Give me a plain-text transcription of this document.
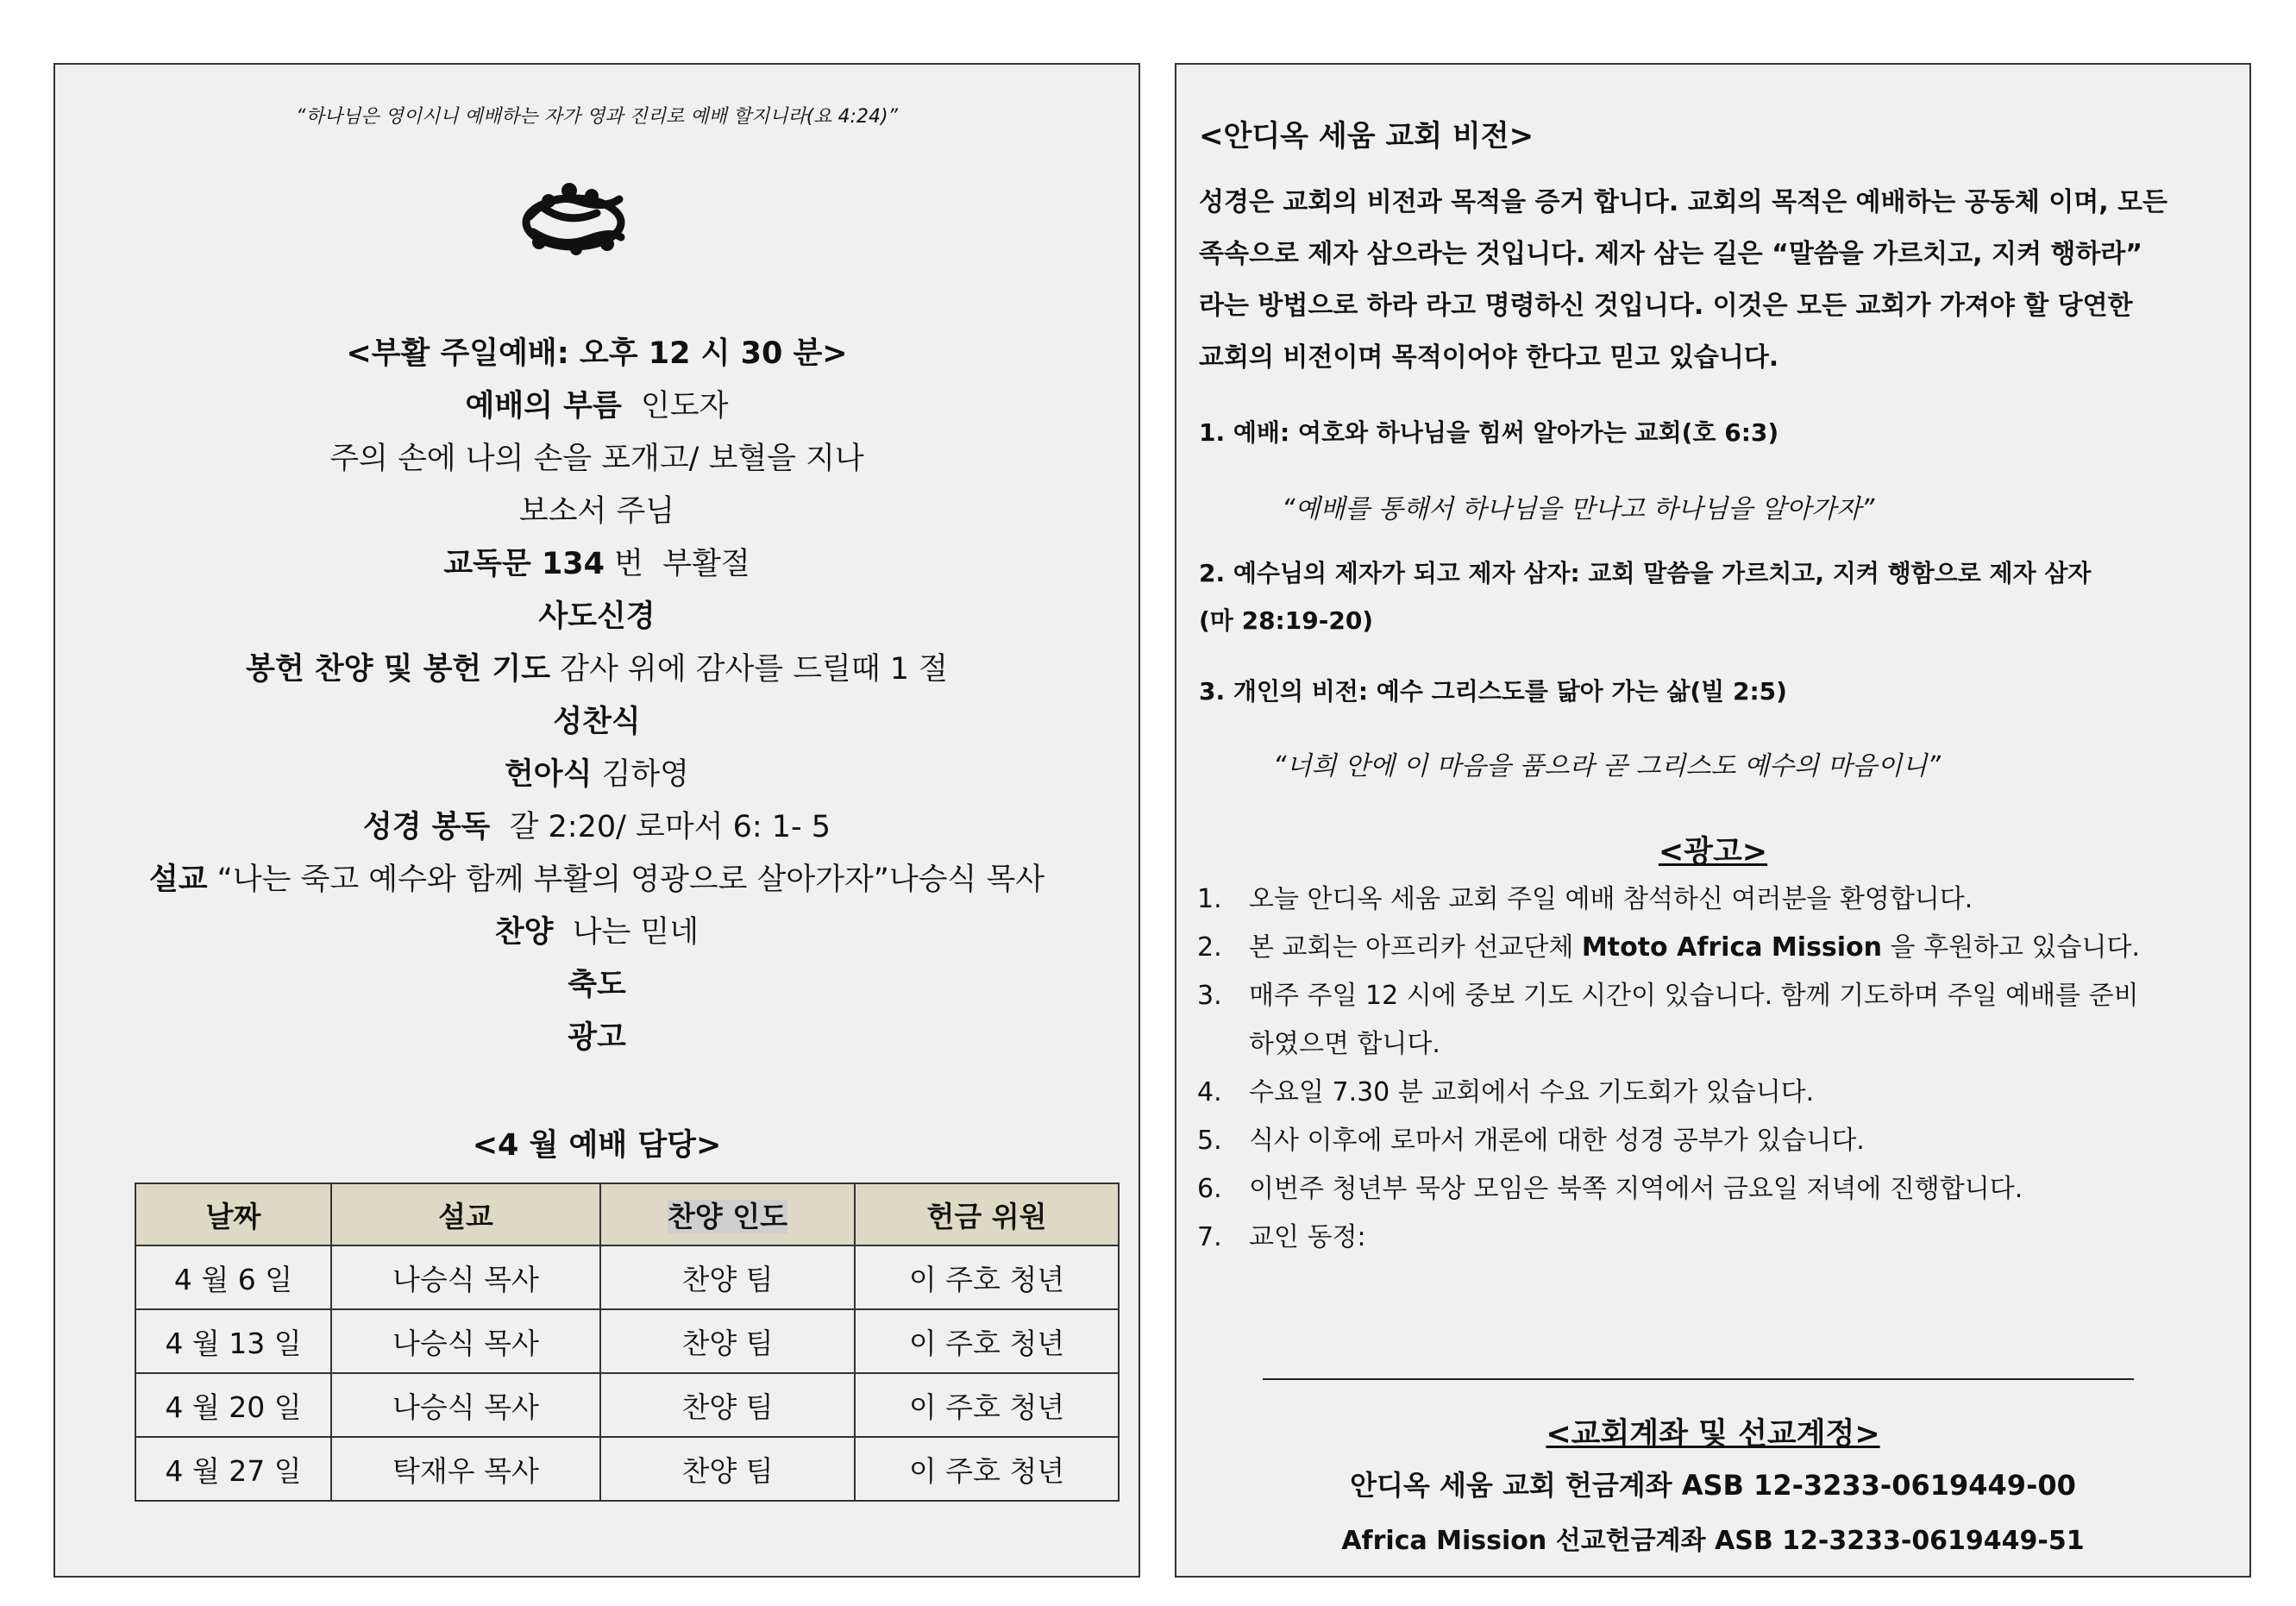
“하나님은 영이시니 예배하는 자가 영과 진리로 예배 할지니라(요 4:24)”
<부활 주일예배: 오후 12 시 30 분>
예배의 부름  인도자
주의 손에 나의 손을 포개고/ 보혈을 지나
보소서 주님
교독문 134 번  부활절
사도신경
봉헌 찬양 및 봉헌 기도 감사 위에 감사를 드릴때 1 절
성찬식
헌아식 김하영
성경 봉독  갈 2:20/ 로마서 6: 1- 5
설교 “나는 죽고 예수와 함께 부활의 영광으로 살아가자”나승식 목사
찬양  나는 믿네
축도
광고
<4 월 예배 담당>
날짜	설교	찬양 인도	헌금 위원
4 월 6 일	나승식 목사	찬양 팀	이 주호 청년
4 월 13 일	나승식 목사	찬양 팀	이 주호 청년
4 월 20 일	나승식 목사	찬양 팀	이 주호 청년
4 월 27 일	탁재우 목사	찬양 팀	이 주호 청년
<안디옥 세움 교회 비전>
성경은 교회의 비전과 목적을 증거 합니다. 교회의 목적은 예배하는 공동체 이며, 모든
족속으로 제자 삼으라는 것입니다. 제자 삼는 길은 “말씀을 가르치고, 지켜 행하라”
라는 방법으로 하라 라고 명령하신 것입니다. 이것은 모든 교회가 가져야 할 당연한
교회의 비전이며 목적이어야 한다고 믿고 있습니다.
1. 예배: 여호와 하나님을 힘써 알아가는 교회(호 6:3)
“예배를 통해서 하나님을 만나고 하나님을 알아가자”
2. 예수님의 제자가 되고 제자 삼자: 교회 말씀을 가르치고, 지켜 행함으로 제자 삼자
(마 28:19-20)
3. 개인의 비전: 예수 그리스도를 닮아 가는 삶(빌 2:5)
“너희 안에 이 마음을 품으라 곧 그리스도 예수의 마음이니”
<광고>
1.	오늘 안디옥 세움 교회 주일 예배 참석하신 여러분을 환영합니다.
2.	본 교회는 아프리카 선교단체 Mtoto Africa Mission 을 후원하고 있습니다.
3.	매주 주일 12 시에 중보 기도 시간이 있습니다. 함께 기도하며 주일 예배를 준비
하였으면 합니다.
4.	수요일 7.30 분 교회에서 수요 기도회가 있습니다.
5.	식사 이후에 로마서 개론에 대한 성경 공부가 있습니다.
6.	이번주 청년부 묵상 모임은 북쪽 지역에서 금요일 저녁에 진행합니다.
7.	교인 동정:
<교회계좌 및 선교계정>
안디옥 세움 교회 헌금계좌 ASB 12-3233-0619449-00
Africa Mission 선교헌금계좌 ASB 12-3233-0619449-51
